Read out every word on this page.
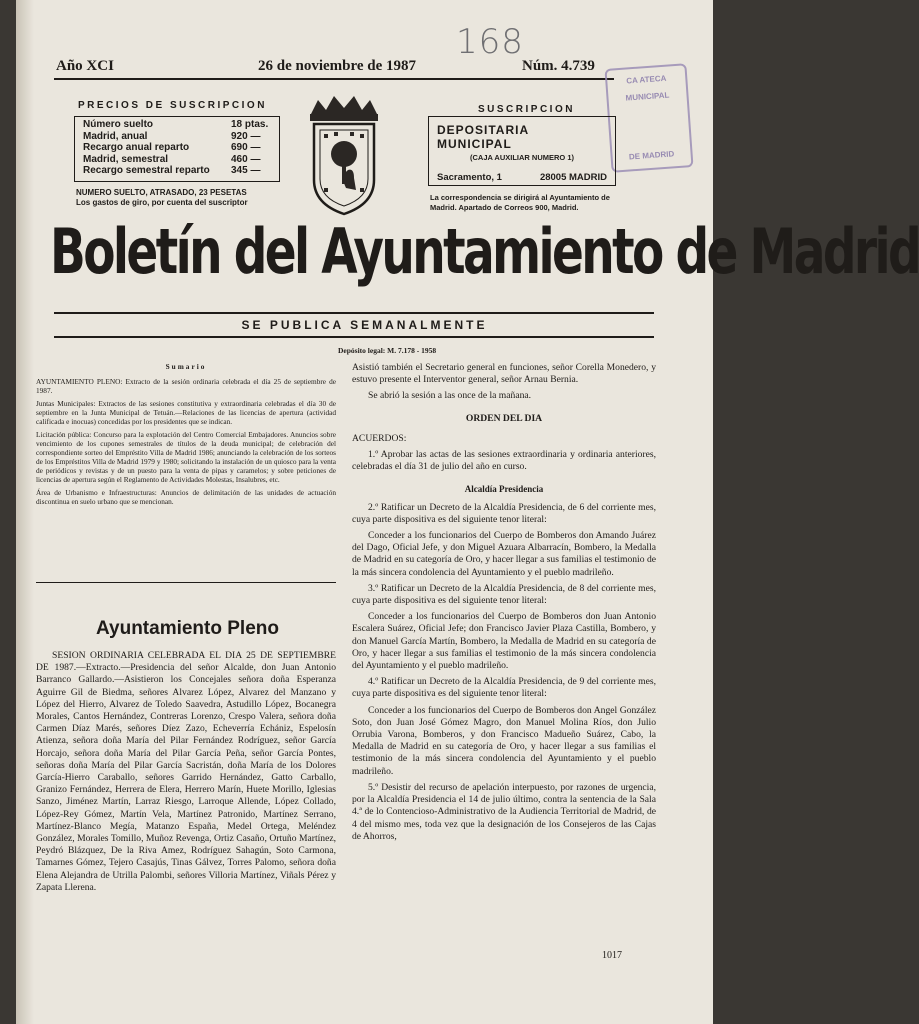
168
Año XCI	26 de noviembre de 1987	Núm. 4.739
CA ATECA
MUNICIPAL
DE MADRID
PRECIOS DE SUSCRIPCION
Número suelto	18 ptas.
Madrid, anual	920 —
Recargo anual reparto	690 —
Madrid, semestral	460 —
Recargo semestral reparto	345 —
NUMERO SUELTO, ATRASADO, 23 PESETAS
Los gastos de giro, por cuenta del suscriptor
SUSCRIPCION
DEPOSITARIA MUNICIPAL
(CAJA AUXILIAR NUMERO 1)
Sacramento, 1	28005 MADRID
La correspondencia se dirigirá al Ayuntamiento de Madrid. Apartado de Correos 900, Madrid.
Boletín del Ayuntamiento de Madrid
SE PUBLICA SEMANALMENTE
Depósito legal: M. 7.178 - 1958

Sumario

AYUNTAMIENTO PLENO: Extracto de la sesión ordinaria celebrada el día 25 de septiembre de 1987.

Juntas Municipales: Extractos de las sesiones constitutiva y extraordinaria celebradas el día 30 de septiembre en la Junta Municipal de Tetuán.—Relaciones de las licencias de apertura (actividad calificada e inocuas) concedidas por los presidentes que se indican.

Licitación pública: Concurso para la explotación del Centro Comercial Embajadores. Anuncios sobre vencimiento de los cupones semestrales de títulos de la deuda municipal; de celebración del correspondiente sorteo del Empréstito Villa de Madrid 1986; anunciando la celebración de los sorteos de los Empréstitos Villa de Madrid 1979 y 1980; solicitando la instalación de un quiosco para la venta de periódicos y revistas y de un puesto para la venta de pipas y caramelos; y sobre peticiones de licencias de apertura según el Reglamento de Actividades Molestas, Insalubres, etc.

Área de Urbanismo e Infraestructuras: Anuncios de delimitación de las unidades de actuación discontinua en suelo urbano que se mencionan.

Ayuntamiento Pleno

SESION ORDINARIA CELEBRADA EL DIA 25 DE SEPTIEMBRE DE 1987.—Extracto.—Presidencia del señor Alcalde, don Juan Antonio Barranco Gallardo.—Asistieron los Concejales señora doña Esperanza Aguirre Gil de Biedma, señores Alvarez López, Alvarez del Manzano y López del Hierro, Alvarez de Toledo Saavedra, Astudillo López, Bocanegra Morales, Cantos Hernández, Contreras Lorenzo, Crespo Valera, señora doña Carmen Díaz Marés, señores Díez Zazo, Echeverría Echániz, Espelosín Atienza, señora doña María del Pilar Fernández Rodríguez, señor García Horcajo, señora doña María del Pilar García Peña, señor García Pontes, señoras doña María del Pilar García Sacristán, doña María de los Dolores García-Hierro Caraballo, señores Garrido Hernández, Gatto Carballo, Granizo Fernández, Herrera de Elera, Herrero Marín, Huete Morillo, Iglesias Sanzo, Jiménez Martín, Larraz Riesgo, Larroque Allende, López Collado, López-Rey Gómez, Martín Vela, Martínez Patronido, Martínez Serrano, Martínez-Blanco Megía, Matanzo España, Medel Ortega, Meléndez González, Morales Tomillo, Muñoz Revenga, Ortiz Casaño, Ortuño Martínez, Peydró Blázquez, De la Riva Amez, Rodríguez Sahagún, Soto Carmona, Tamarnes Gómez, Tejero Casajús, Tinas Gálvez, Torres Palomo, señora doña Elena Alejandra de Utrilla Palombi, señores Villoria Martínez, Viñals Pérez y Zapata Llerena.

Asistió también el Secretario general en funciones, señor Corella Monedero, y estuvo presente el Interventor general, señor Arnau Bernia.

Se abrió la sesión a las once de la mañana.

ORDEN DEL DIA

ACUERDOS:

1.º Aprobar las actas de las sesiones extraordinaria y ordinaria anteriores, celebradas el día 31 de julio del año en curso.

Alcaldía Presidencia

2.º Ratificar un Decreto de la Alcaldía Presidencia, de 6 del corriente mes, cuya parte dispositiva es del siguiente tenor literal:

Conceder a los funcionarios del Cuerpo de Bomberos don Amando Juárez del Dago, Oficial Jefe, y don Miguel Azuara Albarracín, Bombero, la Medalla de Madrid en su categoría de Oro, y hacer llegar a sus familias el testimonio de la más sincera condolencia del Ayuntamiento y el pueblo madrileño.

3.º Ratificar un Decreto de la Alcaldía Presidencia, de 8 del corriente mes, cuya parte dispositiva es del siguiente tenor literal:

Conceder a los funcionarios del Cuerpo de Bomberos don Juan Antonio Escalera Suárez, Oficial Jefe; don Francisco Javier Plaza Castilla, Bombero, y don Manuel García Martín, Bombero, la Medalla de Madrid en su categoría de Oro, y hacer llegar a sus familias el testimonio de la más sincera condolencia del Ayuntamiento y el pueblo madrileño.

4.º Ratificar un Decreto de la Alcaldía Presidencia, de 9 del corriente mes, cuya parte dispositiva es del siguiente tenor literal:

Conceder a los funcionarios del Cuerpo de Bomberos don Angel González Soto, don Juan José Gómez Magro, don Manuel Molina Ríos, don Julio Orrubia Varona, Bomberos, y don Francisco Madueño Suárez, Cabo, la Medalla de Madrid en su categoría de Oro, y hacer llegar a sus familias el testimonio de la más sincera condolencia del Ayuntamiento y el pueblo madrileño.

5.º Desistir del recurso de apelación interpuesto, por razones de urgencia, por la Alcaldía Presidencia el 14 de julio último, contra la sentencia de la Sala 4.ª de lo Contencioso-Administrativo de la Audiencia Territorial de Madrid, de 4 del mismo mes, toda vez que la designación de los Consejeros de las Cajas de Ahorros,

1017
